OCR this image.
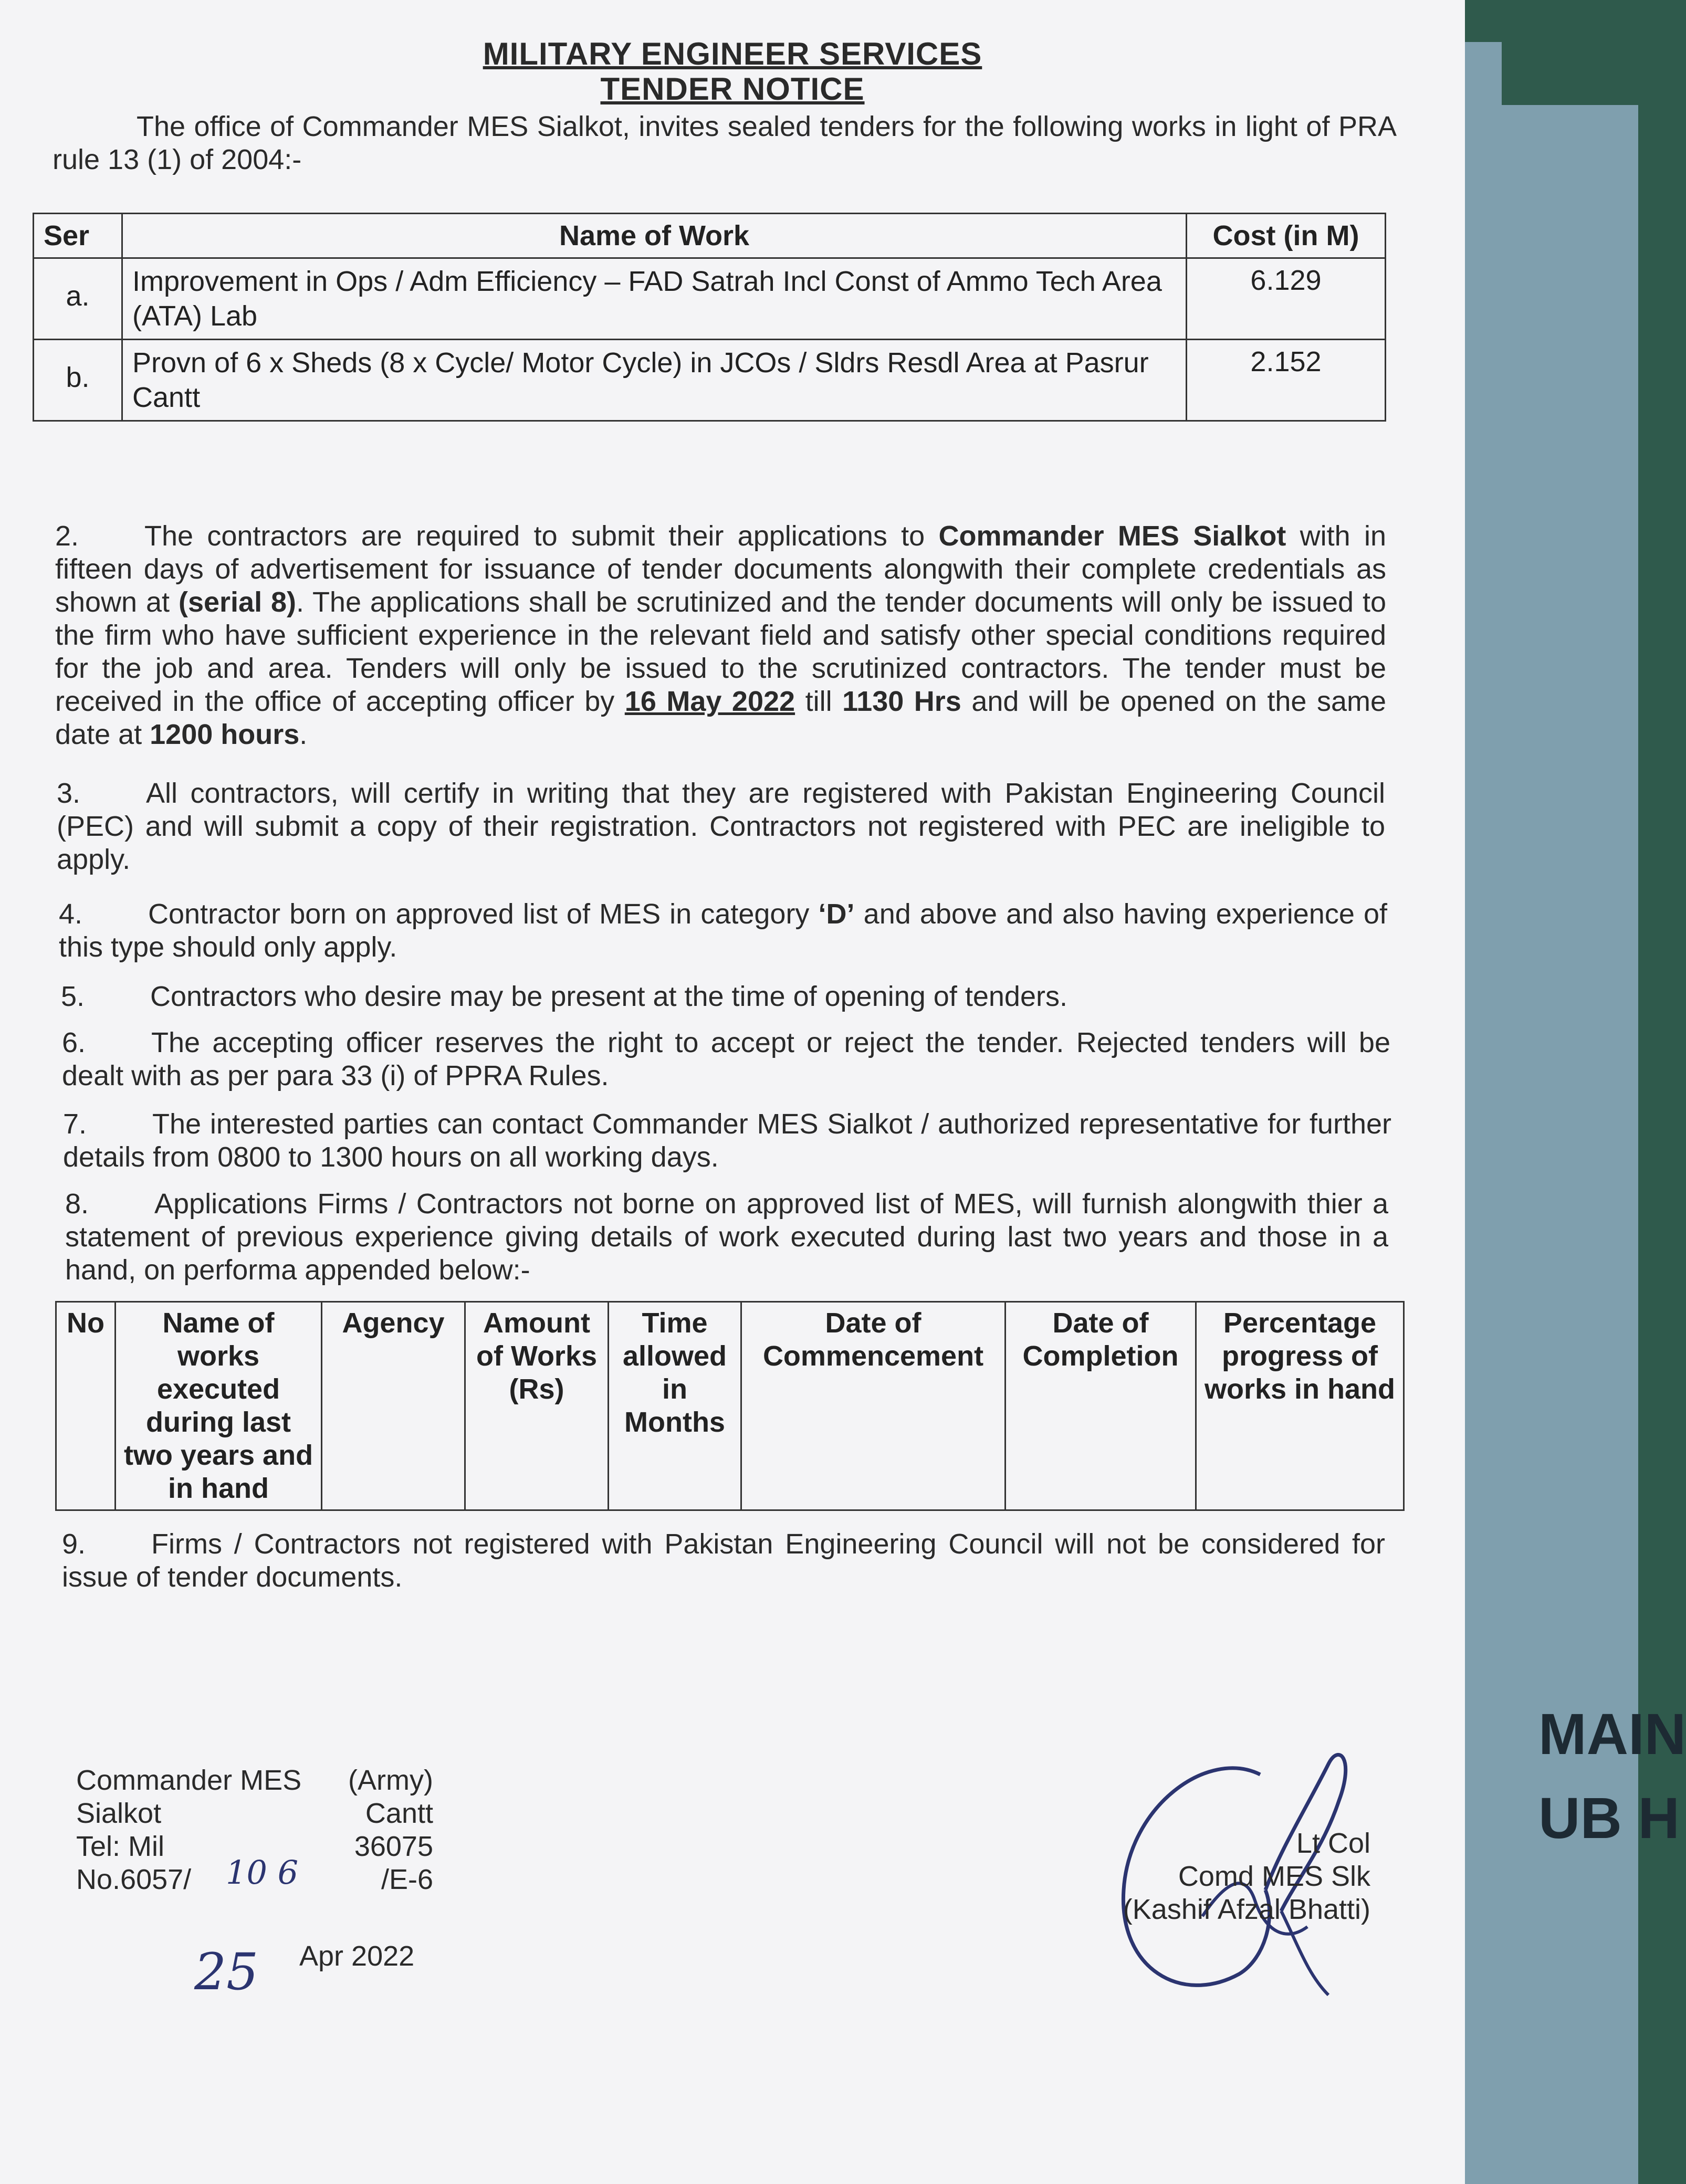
MAIN
UB H
MILITARY ENGINEER SERVICES
TENDER NOTICE
The office of Commander MES Sialkot, invites sealed tenders for the following works in light of PRA rule 13 (1) of 2004:-
Ser	Name of Work	Cost (in M)
a.	Improvement in Ops / Adm Efficiency – FAD Satrah Incl Const of Ammo Tech Area (ATA) Lab	6.129
b.	Provn of 6 x Sheds (8 x Cycle/ Motor Cycle) in JCOs / Sldrs Resdl Area at Pasrur Cantt	2.152
2. The contractors are required to submit their applications to Commander MES Sialkot with in fifteen days of advertisement for issuance of tender documents alongwith their complete credentials as shown at (serial 8). The applications shall be scrutinized and the tender documents will only be issued to the firm who have sufficient experience in the relevant field and satisfy other special conditions required for the job and area. Tenders will only be issued to the scrutinized contractors. The tender must be received in the office of accepting officer by 16 May 2022 till 1130 Hrs and will be opened on the same date at 1200 hours.
3. All contractors, will certify in writing that they are registered with Pakistan Engineering Council (PEC) and will submit a copy of their registration. Contractors not registered with PEC are ineligible to apply.
4. Contractor born on approved list of MES in category ‘D’ and above and also having experience of this type should only apply.
5. Contractors who desire may be present at the time of opening of tenders.
6. The accepting officer reserves the right to accept or reject the tender. Rejected tenders will be dealt with as per para 33 (i) of PPRA Rules.
7. The interested parties can contact Commander MES Sialkot / authorized representative for further details from 0800 to 1300 hours on all working days.
8. Applications Firms / Contractors not borne on approved list of MES, will furnish alongwith thier a statement of previous experience giving details of work executed during last two years and those in a hand, on performa appended below:-
No	Name of works executed during last two years and in hand	Agency	Amount of Works (Rs)	Time allowed in Months	Date of Commencement	Date of Completion	Percentage progress of works in hand
9. Firms / Contractors not registered with Pakistan Engineering Council will not be considered for issue of tender documents.
Commander MES (Army)
Sialkot	Cantt
Tel: Mil	36075
No.6057/	/E-6
10 6
25 Apr 2022
Lt Col
Comd MES Slk
(Kashif Afzal Bhatti)
